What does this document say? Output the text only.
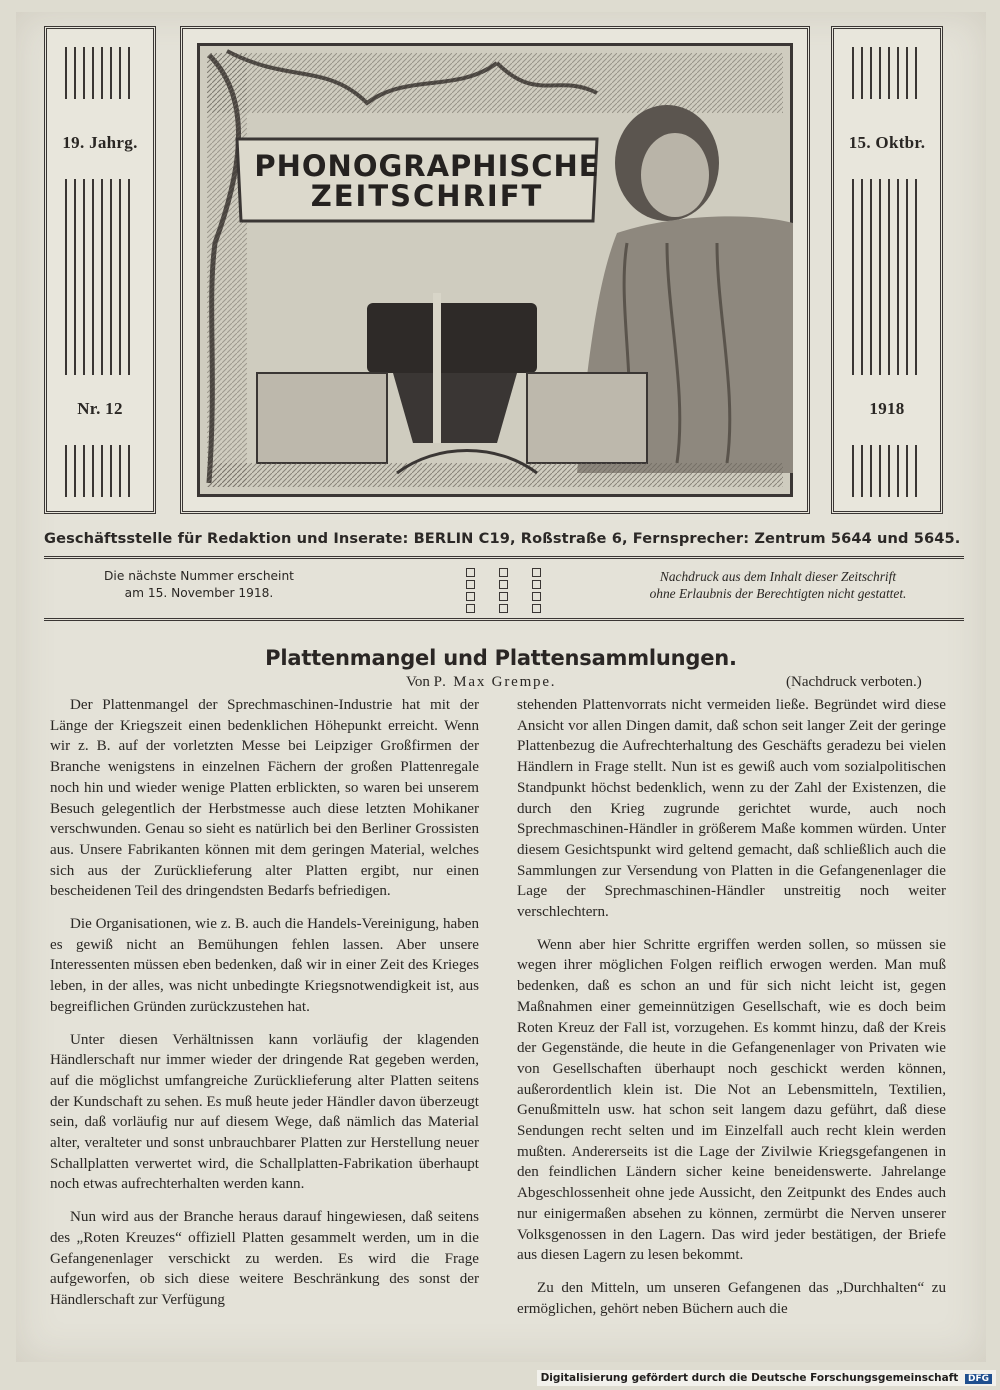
19. Jahrg.
Nr. 12
PHONOGRAPHISCHE
ZEITSCHRIFT
15. Oktbr.
1918
Geschäftsstelle für Redaktion und Inserate: BERLIN C19, Roßstraße 6, Fernsprecher: Zentrum 5644 und 5645.
Die nächste Nummer erscheint
am 15. November 1918.
Nachdruck aus dem Inhalt dieser Zeitschrift
ohne Erlaubnis der Berechtigten nicht gestattet.
Plattenmangel und Plattensammlungen.
Von P. Max Grempe.	(Nachdruck verboten.)

Der Plattenmangel der Sprechmaschinen-Industrie hat mit der Länge der Kriegszeit einen bedenklichen Höhepunkt erreicht. Wenn wir z. B. auf der vorletzten Messe bei Leipziger Großfirmen der Branche wenigstens in einzelnen Fächern der großen Plattenregale noch hin und wieder wenige Platten erblickten, so waren bei unserem Besuch gelegentlich der Herbstmesse auch diese letzten Mohikaner verschwunden. Genau so sieht es natürlich bei den Berliner Grossisten aus. Unsere Fabrikanten können mit dem geringen Material, welches sich aus der Zurücklieferung alter Platten ergibt, nur einen bescheidenen Teil des dringendsten Bedarfs befriedigen.

Die Organisationen, wie z. B. auch die Handels-Vereinigung, haben es gewiß nicht an Bemühungen fehlen lassen. Aber unsere Interessenten müssen eben bedenken, daß wir in einer Zeit des Krieges leben, in der alles, was nicht unbedingte Kriegsnotwendigkeit ist, aus begreiflichen Gründen zurückzustehen hat.

Unter diesen Verhältnissen kann vorläufig der klagenden Händlerschaft nur immer wieder der dringende Rat gegeben werden, auf die möglichst umfangreiche Zurücklieferung alter Platten seitens der Kundschaft zu sehen. Es muß heute jeder Händler davon überzeugt sein, daß vorläufig nur auf diesem Wege, daß nämlich das Material alter, veralteter und sonst unbrauchbarer Platten zur Herstellung neuer Schallplatten verwertet wird, die Schallplatten-Fabrikation überhaupt noch etwas aufrechterhalten werden kann.

Nun wird aus der Branche heraus darauf hingewiesen, daß seitens des „Roten Kreuzes“ offiziell Platten gesammelt werden, um in die Gefangenenlager verschickt zu werden. Es wird die Frage aufgeworfen, ob sich diese weitere Beschränkung des sonst der Händlerschaft zur Verfügung

stehenden Plattenvorrats nicht vermeiden ließe. Begründet wird diese Ansicht vor allen Dingen damit, daß schon seit langer Zeit der geringe Plattenbezug die Aufrechterhaltung des Geschäfts geradezu bei vielen Händlern in Frage stellt. Nun ist es gewiß auch vom sozialpolitischen Standpunkt höchst bedenklich, wenn zu der Zahl der Existenzen, die durch den Krieg zugrunde gerichtet wurde, auch noch Sprechmaschinen-Händler in größerem Maße kommen würden. Unter diesem Gesichtspunkt wird geltend gemacht, daß schließlich auch die Sammlungen zur Versendung von Platten in die Gefangenenlager die Lage der Sprechmaschinen-Händler unstreitig noch weiter verschlechtern.

Wenn aber hier Schritte ergriffen werden sollen, so müssen sie wegen ihrer möglichen Folgen reiflich erwogen werden. Man muß bedenken, daß es schon an und für sich nicht leicht ist, gegen Maßnahmen einer gemeinnützigen Gesellschaft, wie es doch beim Roten Kreuz der Fall ist, vorzugehen. Es kommt hinzu, daß der Kreis der Gegenstände, die heute in die Gefangenenlager von Privaten wie von Gesellschaften überhaupt noch geschickt werden können, außerordentlich klein ist. Die Not an Lebensmitteln, Textilien, Genußmitteln usw. hat schon seit langem dazu geführt, daß diese Sendungen recht selten und im Einzelfall auch recht klein werden mußten. Andererseits ist die Lage der Zivilwie Kriegsgefangenen in den feindlichen Ländern sicher keine beneidenswerte. Jahrelange Abgeschlossenheit ohne jede Aussicht, den Zeitpunkt des Endes auch nur einigermaßen absehen zu können, zermürbt die Nerven unserer Volksgenossen in den Lagern. Das wird jeder bestätigen, der Briefe aus diesen Lagern zu lesen bekommt.

Zu den Mitteln, um unseren Gefangenen das „Durchhalten“ zu ermöglichen, gehört neben Büchern auch die

Digitalisierung gefördert durch die Deutsche Forschungsgemeinschaft DFG
